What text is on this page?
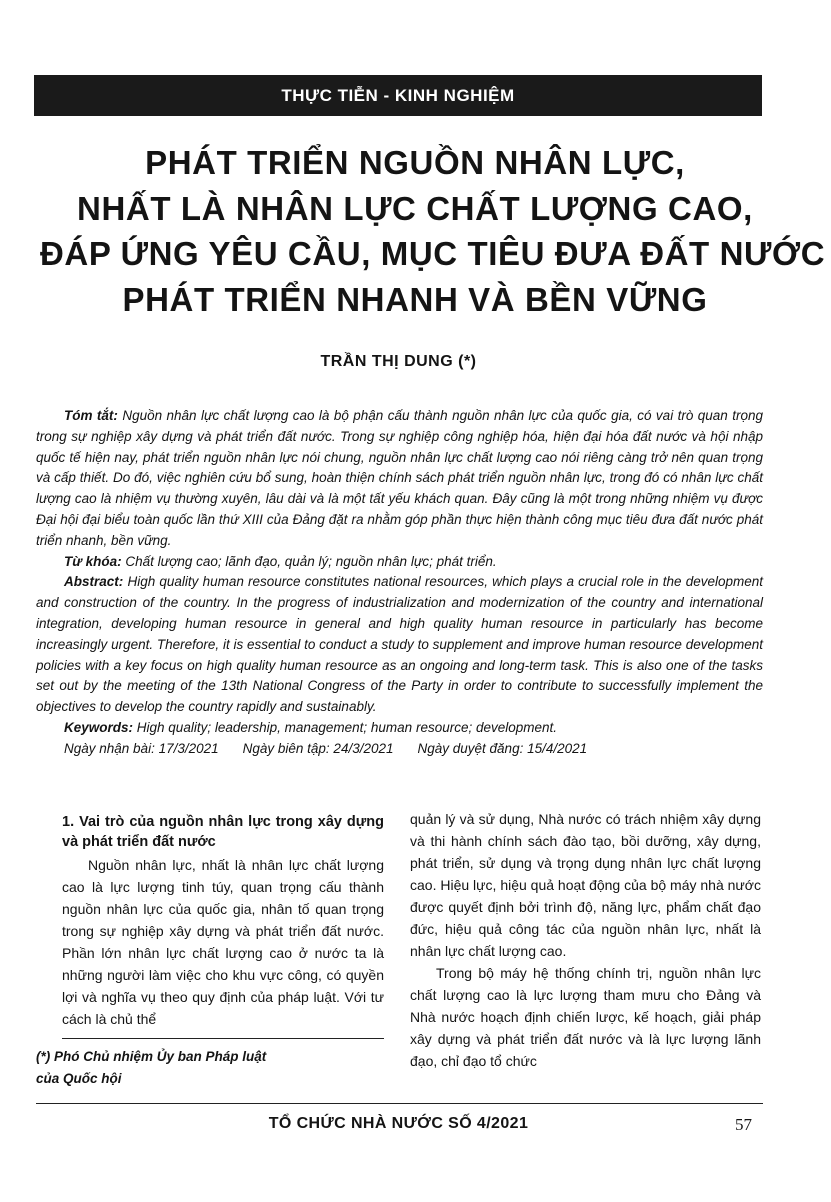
THỰC TIỄN - KINH NGHIỆM
PHÁT TRIỂN NGUỒN NHÂN LỰC,
NHẤT LÀ NHÂN LỰC CHẤT LƯỢNG CAO,
ĐÁP ỨNG YÊU CẦU, MỤC TIÊU ĐƯA ĐẤT NƯỚC
PHÁT TRIỂN NHANH VÀ BỀN VỮNG
TRẦN THỊ DUNG (*)

Tóm tắt: Nguồn nhân lực chất lượng cao là bộ phận cấu thành nguồn nhân lực của quốc gia, có vai trò quan trọng trong sự nghiệp xây dựng và phát triển đất nước. Trong sự nghiệp công nghiệp hóa, hiện đại hóa đất nước và hội nhập quốc tế hiện nay, phát triển nguồn nhân lực nói chung, nguồn nhân lực chất lượng cao nói riêng càng trở nên quan trọng và cấp thiết. Do đó, việc nghiên cứu bổ sung, hoàn thiện chính sách phát triển nguồn nhân lực, trong đó có nhân lực chất lượng cao là nhiệm vụ thường xuyên, lâu dài và là một tất yếu khách quan. Đây cũng là một trong những nhiệm vụ được Đại hội đại biểu toàn quốc lần thứ XIII của Đảng đặt ra nhằm góp phần thực hiện thành công mục tiêu đưa đất nước phát triển nhanh, bền vững.

Từ khóa: Chất lượng cao; lãnh đạo, quản lý; nguồn nhân lực; phát triển.

Abstract: High quality human resource constitutes national resources, which plays a crucial role in the development and construction of the country. In the progress of industrialization and modernization of the country and international integration, developing human resource in general and high quality human resource in particularly has become increasingly urgent. Therefore, it is essential to conduct a study to supplement and improve human resource development policies with a key focus on high quality human resource as an ongoing and long-term task. This is also one of the tasks set out by the meeting of the 13th National Congress of the Party in order to contribute to successfully implement the objectives to develop the country rapidly and sustainably.

Keywords: High quality; leadership, management; human resource; development.

Ngày nhận bài: 17/3/2021 Ngày biên tập: 24/3/2021 Ngày duyệt đăng: 15/4/2021

1. Vai trò của nguồn nhân lực trong xây dựng và phát triển đất nước

Nguồn nhân lực, nhất là nhân lực chất lượng cao là lực lượng tinh túy, quan trọng cấu thành nguồn nhân lực của quốc gia, nhân tố quan trọng trong sự nghiệp xây dựng và phát triển đất nước. Phần lớn nhân lực chất lượng cao ở nước ta là những người làm việc cho khu vực công, có quyền lợi và nghĩa vụ theo quy định của pháp luật. Với tư cách là chủ thể

quản lý và sử dụng, Nhà nước có trách nhiệm xây dựng và thi hành chính sách đào tạo, bồi dưỡng, xây dựng, phát triển, sử dụng và trọng dụng nhân lực chất lượng cao. Hiệu lực, hiệu quả hoạt động của bộ máy nhà nước được quyết định bởi trình độ, năng lực, phẩm chất đạo đức, hiệu quả công tác của nguồn nhân lực, nhất là nhân lực chất lượng cao.

Trong bộ máy hệ thống chính trị, nguồn nhân lực chất lượng cao là lực lượng tham mưu cho Đảng và Nhà nước hoạch định chiến lược, kế hoạch, giải pháp xây dựng và phát triển đất nước và là lực lượng lãnh đạo, chỉ đạo tổ chức

(*) Phó Chủ nhiệm Ủy ban Pháp luật
của Quốc hội
TỔ CHỨC NHÀ NƯỚC SỐ 4/2021	57
